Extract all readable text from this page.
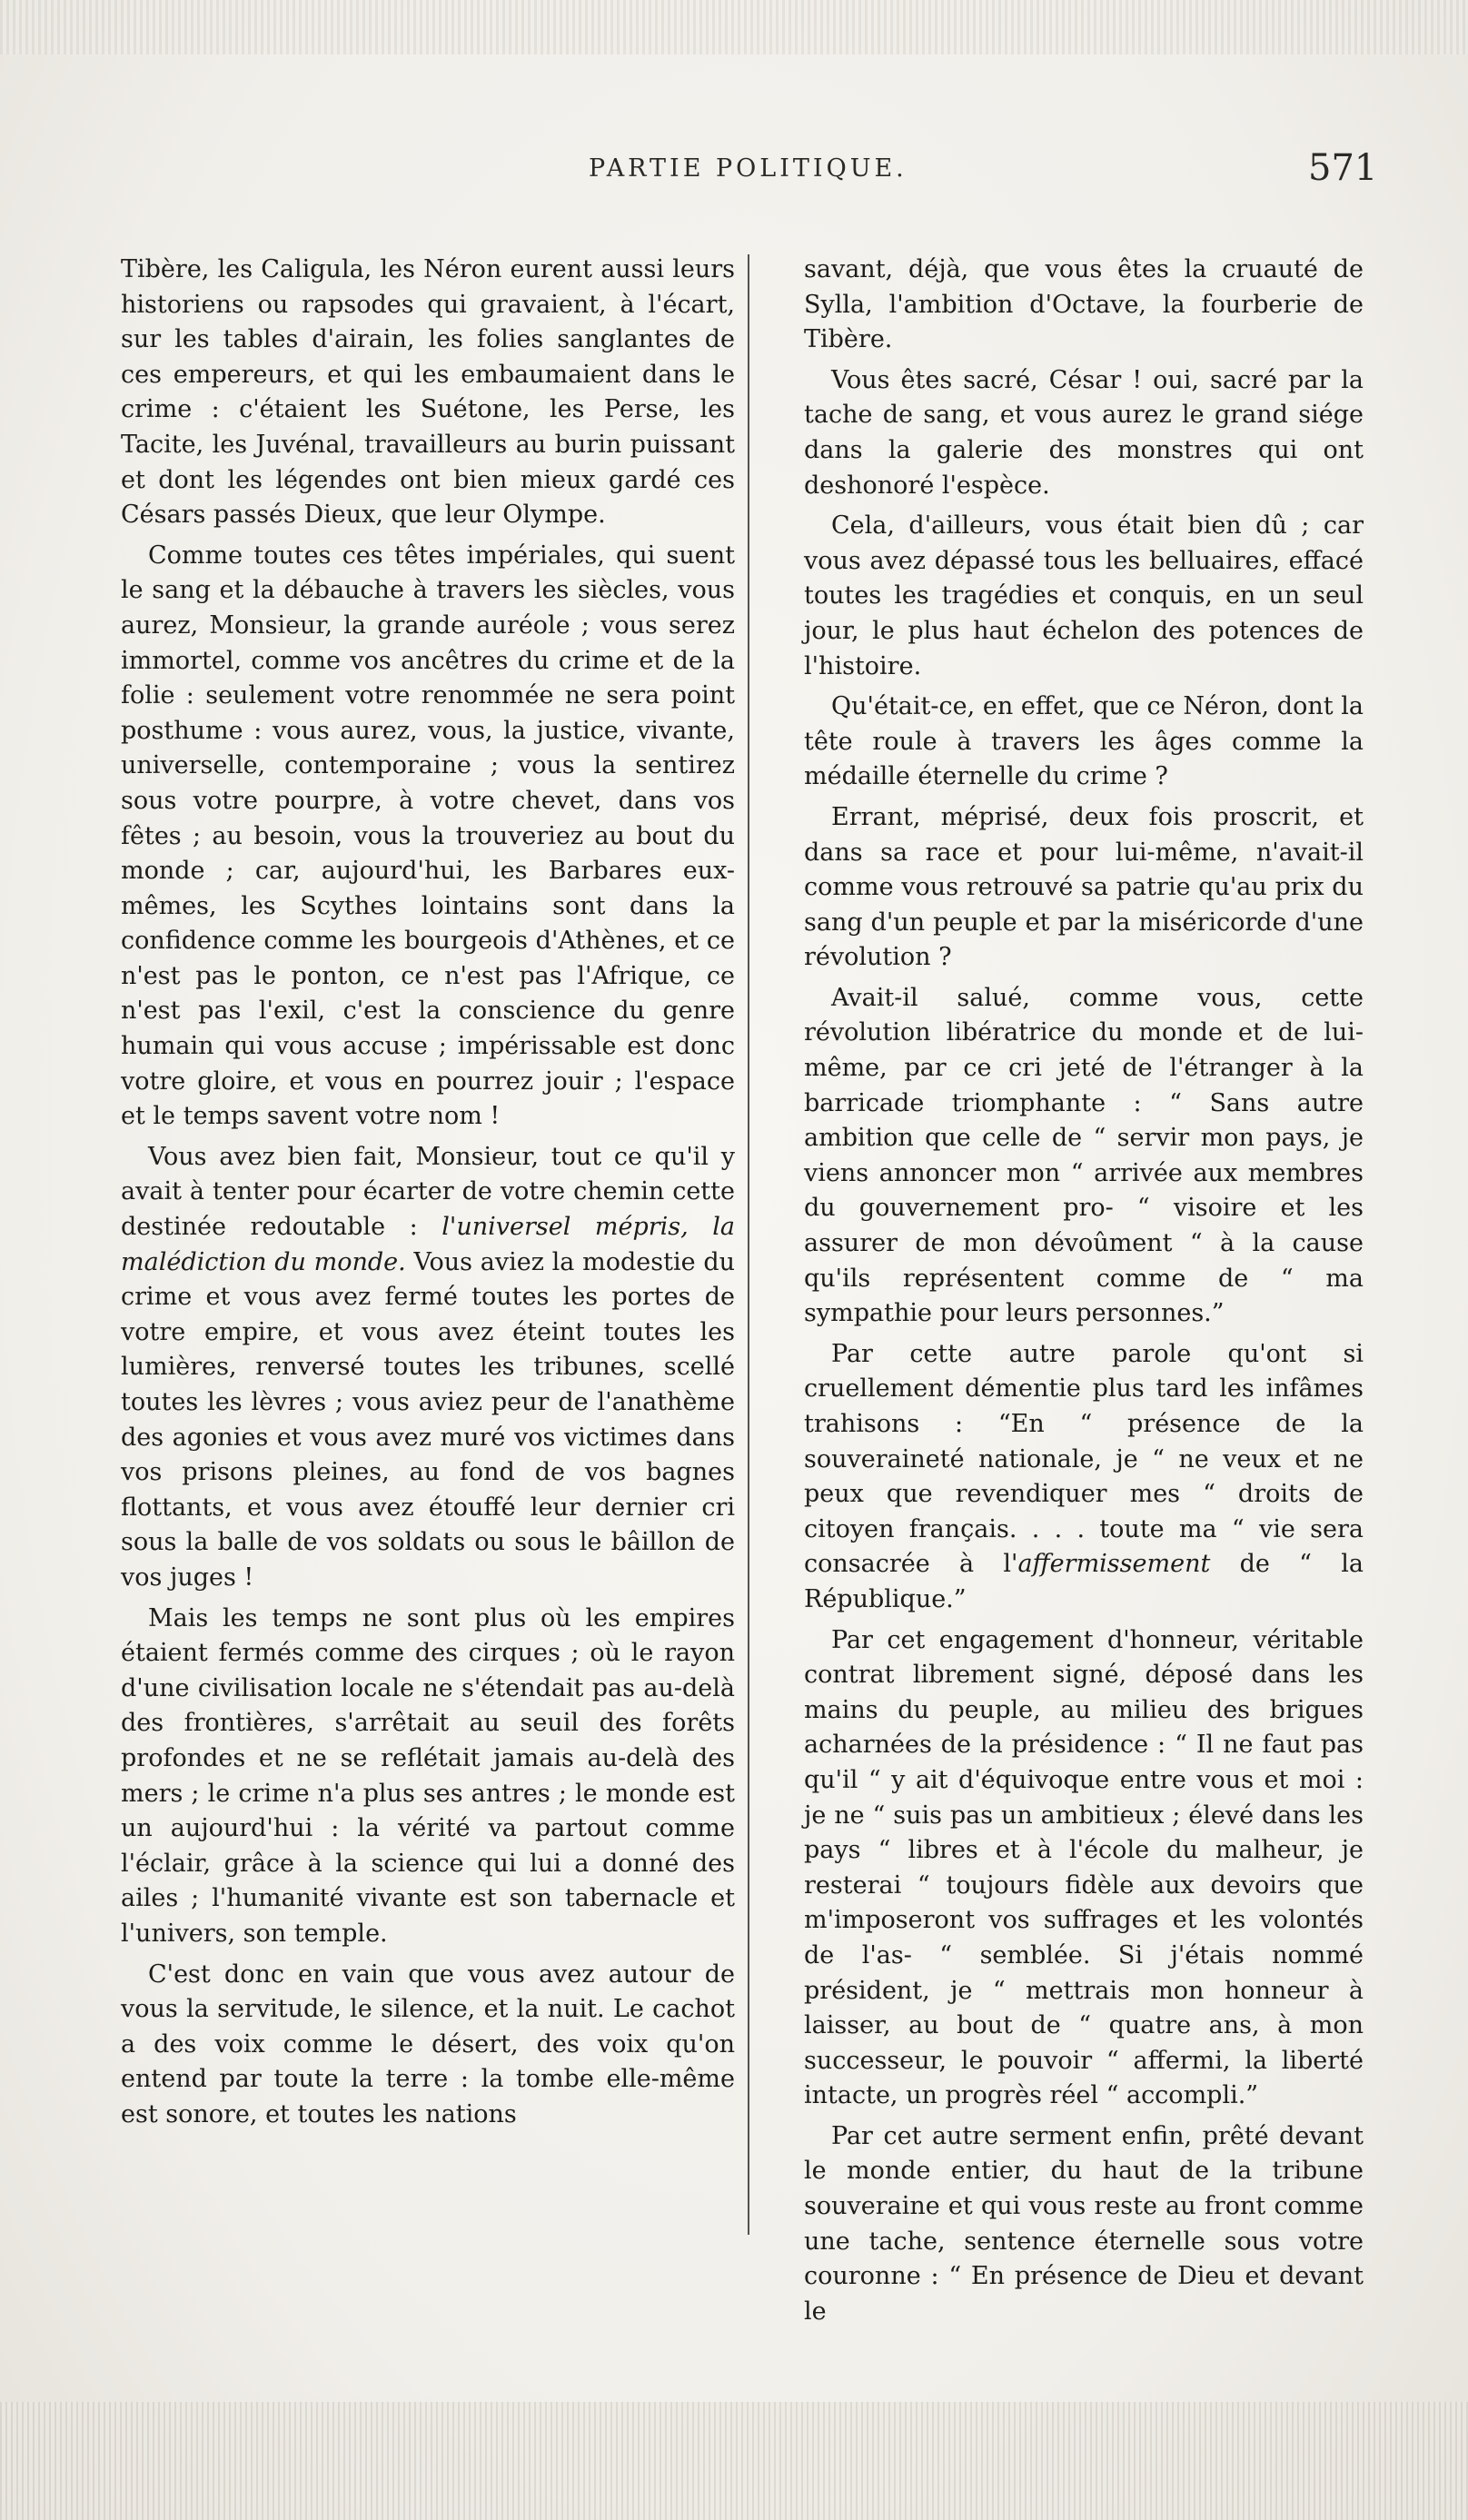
PARTIE POLITIQUE.	571

Tibère, les Caligula, les Néron eurent aussi leurs historiens ou rapsodes qui gravaient, à l'écart, sur les tables d'airain, les folies sanglantes de ces empereurs, et qui les embaumaient dans le crime : c'étaient les Suétone, les Perse, les Tacite, les Juvénal, travailleurs au burin puissant et dont les légendes ont bien mieux gardé ces Césars passés Dieux, que leur Olympe.

Comme toutes ces têtes impériales, qui suent le sang et la débauche à travers les siècles, vous aurez, Monsieur, la grande auréole ; vous serez immortel, comme vos ancêtres du crime et de la folie : seulement votre renommée ne sera point posthume : vous aurez, vous, la justice, vivante, universelle, contemporaine ; vous la sentirez sous votre pourpre, à votre chevet, dans vos fêtes ; au besoin, vous la trouveriez au bout du monde ; car, aujourd'hui, les Barbares eux-mêmes, les Scythes lointains sont dans la confidence comme les bourgeois d'Athènes, et ce n'est pas le ponton, ce n'est pas l'Afrique, ce n'est pas l'exil, c'est la conscience du genre humain qui vous accuse ; impérissable est donc votre gloire, et vous en pourrez jouir ; l'espace et le temps savent votre nom !

Vous avez bien fait, Monsieur, tout ce qu'il y avait à tenter pour écarter de votre chemin cette destinée redoutable : l'universel mépris, la malédiction du monde. Vous aviez la modestie du crime et vous avez fermé toutes les portes de votre empire, et vous avez éteint toutes les lumières, renversé toutes les tribunes, scellé toutes les lèvres ; vous aviez peur de l'anathème des agonies et vous avez muré vos victimes dans vos prisons pleines, au fond de vos bagnes flottants, et vous avez étouffé leur dernier cri sous la balle de vos soldats ou sous le bâillon de vos juges !

Mais les temps ne sont plus où les empires étaient fermés comme des cirques ; où le rayon d'une civilisation locale ne s'étendait pas au-delà des frontières, s'arrêtait au seuil des forêts profondes et ne se reflétait jamais au-delà des mers ; le crime n'a plus ses antres ; le monde est un aujourd'hui : la vérité va partout comme l'éclair, grâce à la science qui lui a donné des ailes ; l'humanité vivante est son tabernacle et l'univers, son temple.

C'est donc en vain que vous avez autour de vous la servitude, le silence, et la nuit. Le cachot a des voix comme le désert, des voix qu'on entend par toute la terre : la tombe elle-même est sonore, et toutes les nations

savant, déjà, que vous êtes la cruauté de Sylla, l'ambition d'Octave, la fourberie de Tibère.

Vous êtes sacré, César ! oui, sacré par la tache de sang, et vous aurez le grand siége dans la galerie des monstres qui ont deshonoré l'espèce.

Cela, d'ailleurs, vous était bien dû ; car vous avez dépassé tous les belluaires, effacé toutes les tragédies et conquis, en un seul jour, le plus haut échelon des potences de l'histoire.

Qu'était-ce, en effet, que ce Néron, dont la tête roule à travers les âges comme la médaille éternelle du crime ?

Errant, méprisé, deux fois proscrit, et dans sa race et pour lui-même, n'avait-il comme vous retrouvé sa patrie qu'au prix du sang d'un peuple et par la miséricorde d'une révolution ?

Avait-il salué, comme vous, cette révolution libératrice du monde et de lui-même, par ce cri jeté de l'étranger à la barricade triomphante : “ Sans autre ambition que celle de “ servir mon pays, je viens annoncer mon “ arrivée aux membres du gouvernement pro- “ visoire et les assurer de mon dévoûment “ à la cause qu'ils représentent comme de “ ma sympathie pour leurs personnes.”

Par cette autre parole qu'ont si cruellement démentie plus tard les infâmes trahisons : “En “ présence de la souveraineté nationale, je “ ne veux et ne peux que revendiquer mes “ droits de citoyen français. . . . toute ma “ vie sera consacrée à l'affermissement de “ la République.”

Par cet engagement d'honneur, véritable contrat librement signé, déposé dans les mains du peuple, au milieu des brigues acharnées de la présidence : “ Il ne faut pas qu'il “ y ait d'équivoque entre vous et moi : je ne “ suis pas un ambitieux ; élevé dans les pays “ libres et à l'école du malheur, je resterai “ toujours fidèle aux devoirs que m'imposeront vos suffrages et les volontés de l'as- “ semblée. Si j'étais nommé président, je “ mettrais mon honneur à laisser, au bout de “ quatre ans, à mon successeur, le pouvoir “ affermi, la liberté intacte, un progrès réel “ accompli.”

Par cet autre serment enfin, prêté devant le monde entier, du haut de la tribune souveraine et qui vous reste au front comme une tache, sentence éternelle sous votre couronne : “ En présence de Dieu et devant le
